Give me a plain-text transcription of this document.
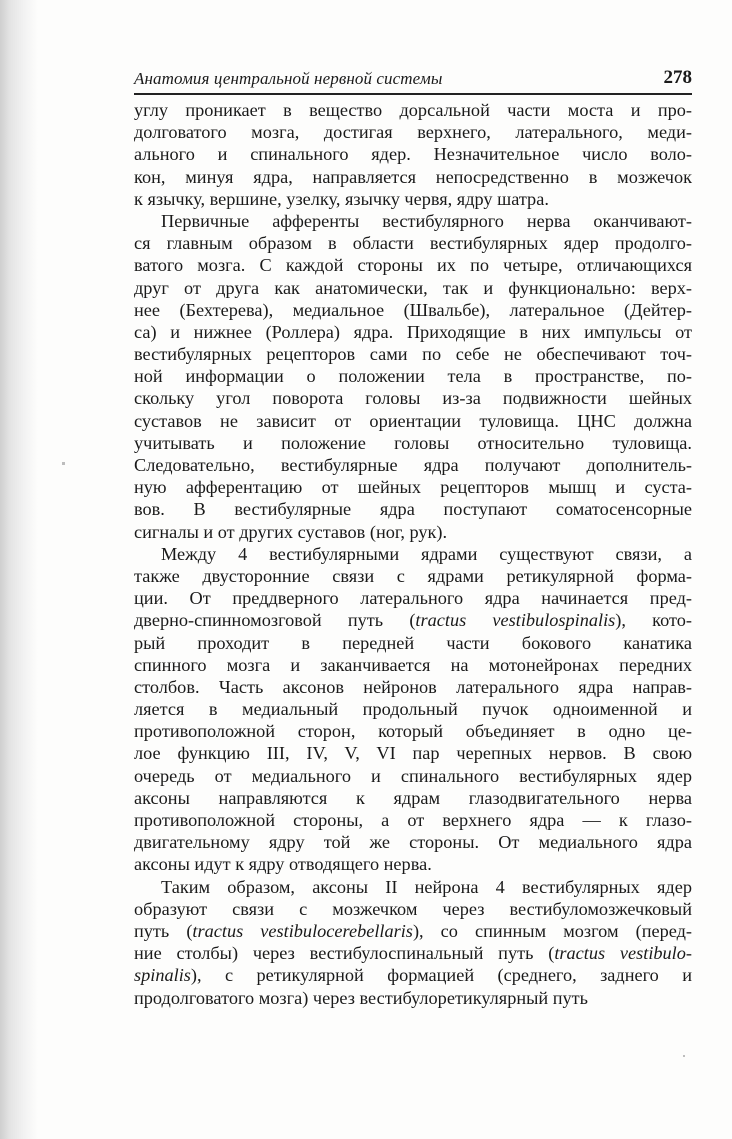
Анатомия центральной нервной системы	278
углу проникает в вещество дорсальной части моста и про-
долговатого мозга, достигая верхнего, латерального, меди-
ального и спинального ядер. Незначительное число воло-
кон, минуя ядра, направляется непосредственно в мозжечок
к язычку, вершине, узелку, язычку червя, ядру шатра.
Первичные афференты вестибулярного нерва оканчивают-
ся главным образом в области вестибулярных ядер продолго-
ватого мозга. С каждой стороны их по четыре, отличающихся
друг от друга как анатомически, так и функционально: верх-
нее (Бехтерева), медиальное (Швальбе), латеральное (Дейтер-
са) и нижнее (Роллера) ядра. Приходящие в них импульсы от
вестибулярных рецепторов сами по себе не обеспечивают точ-
ной информации о положении тела в пространстве, по-
скольку угол поворота головы из-за подвижности шейных
суставов не зависит от ориентации туловища. ЦНС должна
учитывать и положение головы относительно туловища.
Следовательно, вестибулярные ядра получают дополнитель-
ную афферентацию от шейных рецепторов мышц и суста-
вов. В вестибулярные ядра поступают соматосенсорные
сигналы и от других суставов (ног, рук).
Между 4 вестибулярными ядрами существуют связи, а
также двусторонние связи с ядрами ретикулярной форма-
ции. От преддверного латерального ядра начинается пред-
дверно-спинномозговой путь (tractus vestibulospinalis), кото-
рый проходит в передней части бокового канатика
спинного мозга и заканчивается на мотонейронах передних
столбов. Часть аксонов нейронов латерального ядра направ-
ляется в медиальный продольный пучок одноименной и
противоположной сторон, который объединяет в одно це-
лое функцию III, IV, V, VI пар черепных нервов. В свою
очередь от медиального и спинального вестибулярных ядер
аксоны направляются к ядрам глазодвигательного нерва
противоположной стороны, а от верхнего ядра — к глазо-
двигательному ядру той же стороны. От медиального ядра
аксоны идут к ядру отводящего нерва.
Таким образом, аксоны II нейрона 4 вестибулярных ядер
образуют связи с мозжечком через вестибуломозжечковый
путь (tractus vestibulocerebellaris), со спинным мозгом (перед-
ние столбы) через вестибулоспинальный путь (tractus vestibulo-
spinalis), с ретикулярной формацией (среднего, заднего и
продолговатого мозга) через вестибулоретикулярный путь
